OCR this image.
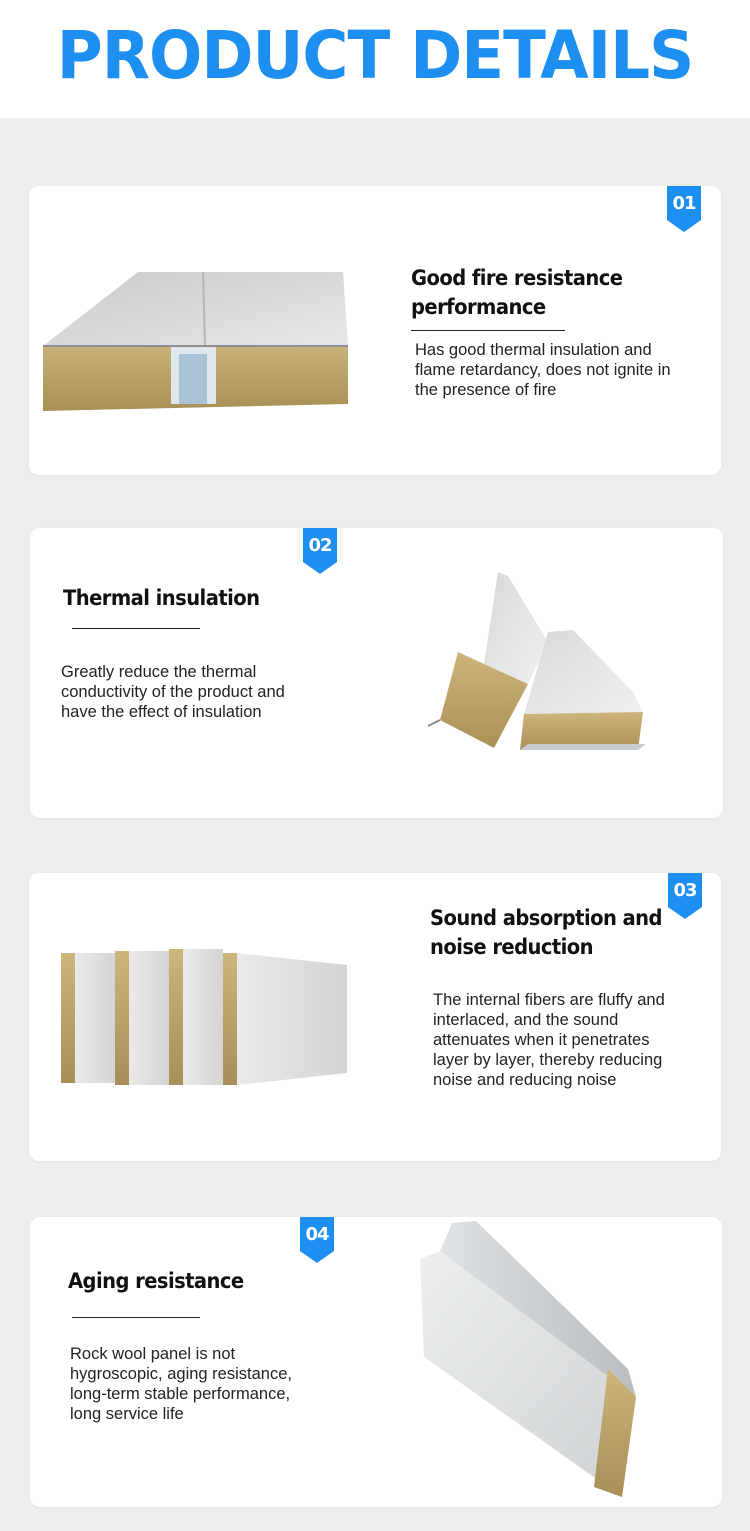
PRODUCT DETAILS
01
Good fire resistance
performance
Has good thermal insulation and
flame retardancy, does not ignite in
the presence of fire
02
Thermal insulation
Greatly reduce the thermal
conductivity of the product and
have the effect of insulation
03
Sound absorption and
noise reduction
The internal fibers are fluffy and
interlaced, and the sound
attenuates when it penetrates
layer by layer, thereby reducing
noise and reducing noise
04
Aging resistance
Rock wool panel is not
hygroscopic, aging resistance,
long-term stable performance,
long service life
